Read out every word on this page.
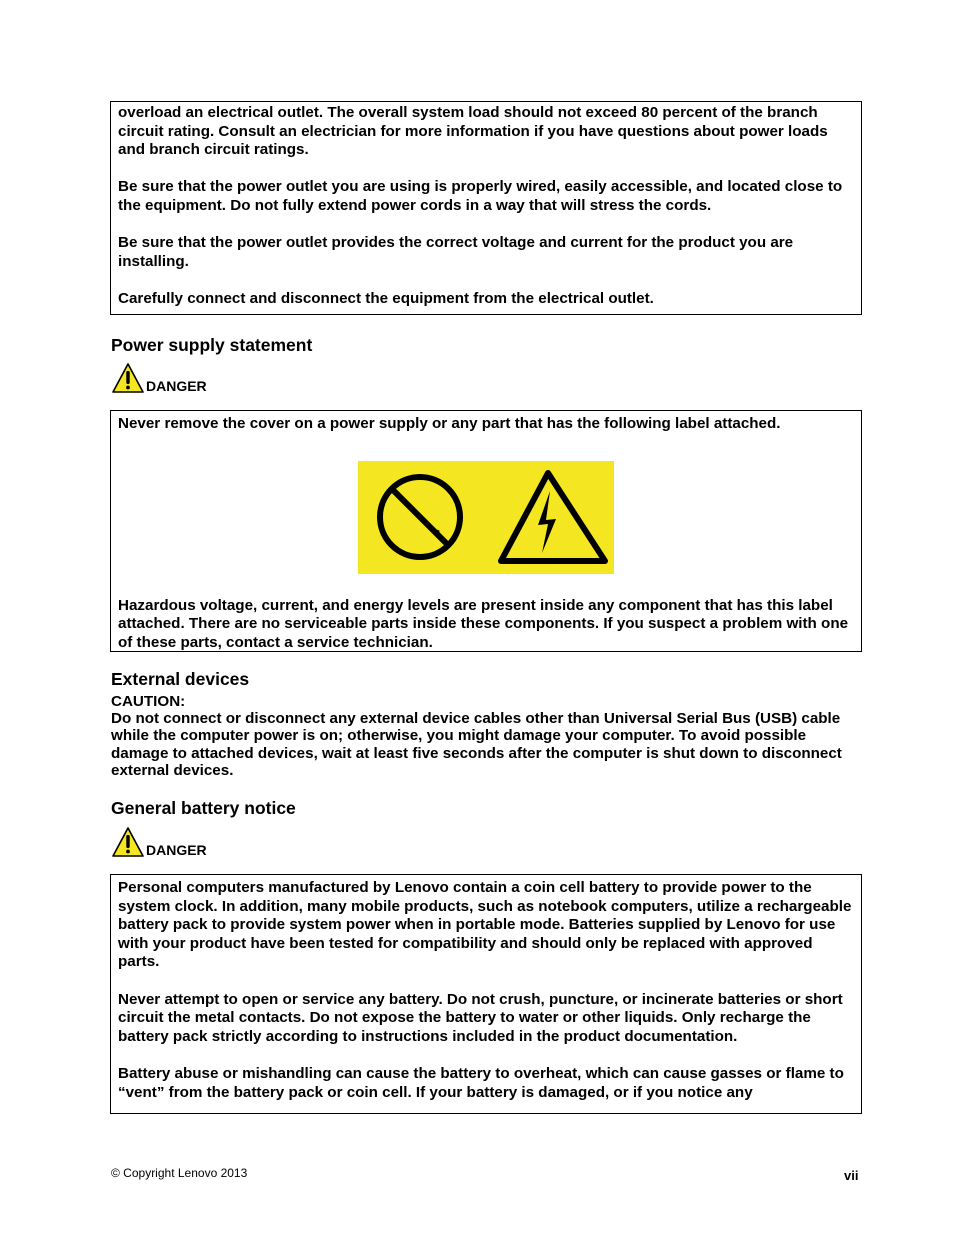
overload an electrical outlet. The overall system load should not exceed 80 percent of the branch circuit rating. Consult an electrician for more information if you have questions about power loads and branch circuit ratings.

Be sure that the power outlet you are using is properly wired, easily accessible, and located close to the equipment. Do not fully extend power cords in a way that will stress the cords.

Be sure that the power outlet provides the correct voltage and current for the product you are installing.

Carefully connect and disconnect the equipment from the electrical outlet.

Power supply statement
DANGER

Never remove the cover on a power supply or any part that has the following label attached.

Hazardous voltage, current, and energy levels are present inside any component that has this label attached. There are no serviceable parts inside these components. If you suspect a problem with one of these parts, contact a service technician.

External devices

CAUTION:

Do not connect or disconnect any external device cables other than Universal Serial Bus (USB) cable while the computer power is on; otherwise, you might damage your computer. To avoid possible damage to attached devices, wait at least five seconds after the computer is shut down to disconnect external devices.

General battery notice
DANGER

Personal computers manufactured by Lenovo contain a coin cell battery to provide power to the system clock. In addition, many mobile products, such as notebook computers, utilize a rechargeable battery pack to provide system power when in portable mode. Batteries supplied by Lenovo for use with your product have been tested for compatibility and should only be replaced with approved parts.

Never attempt to open or service any battery. Do not crush, puncture, or incinerate batteries or short circuit the metal contacts. Do not expose the battery to water or other liquids. Only recharge the battery pack strictly according to instructions included in the product documentation.

Battery abuse or mishandling can cause the battery to overheat, which can cause gasses or flame to “vent” from the battery pack or coin cell. If your battery is damaged, or if you notice any

© Copyright Lenovo 2013	vii
